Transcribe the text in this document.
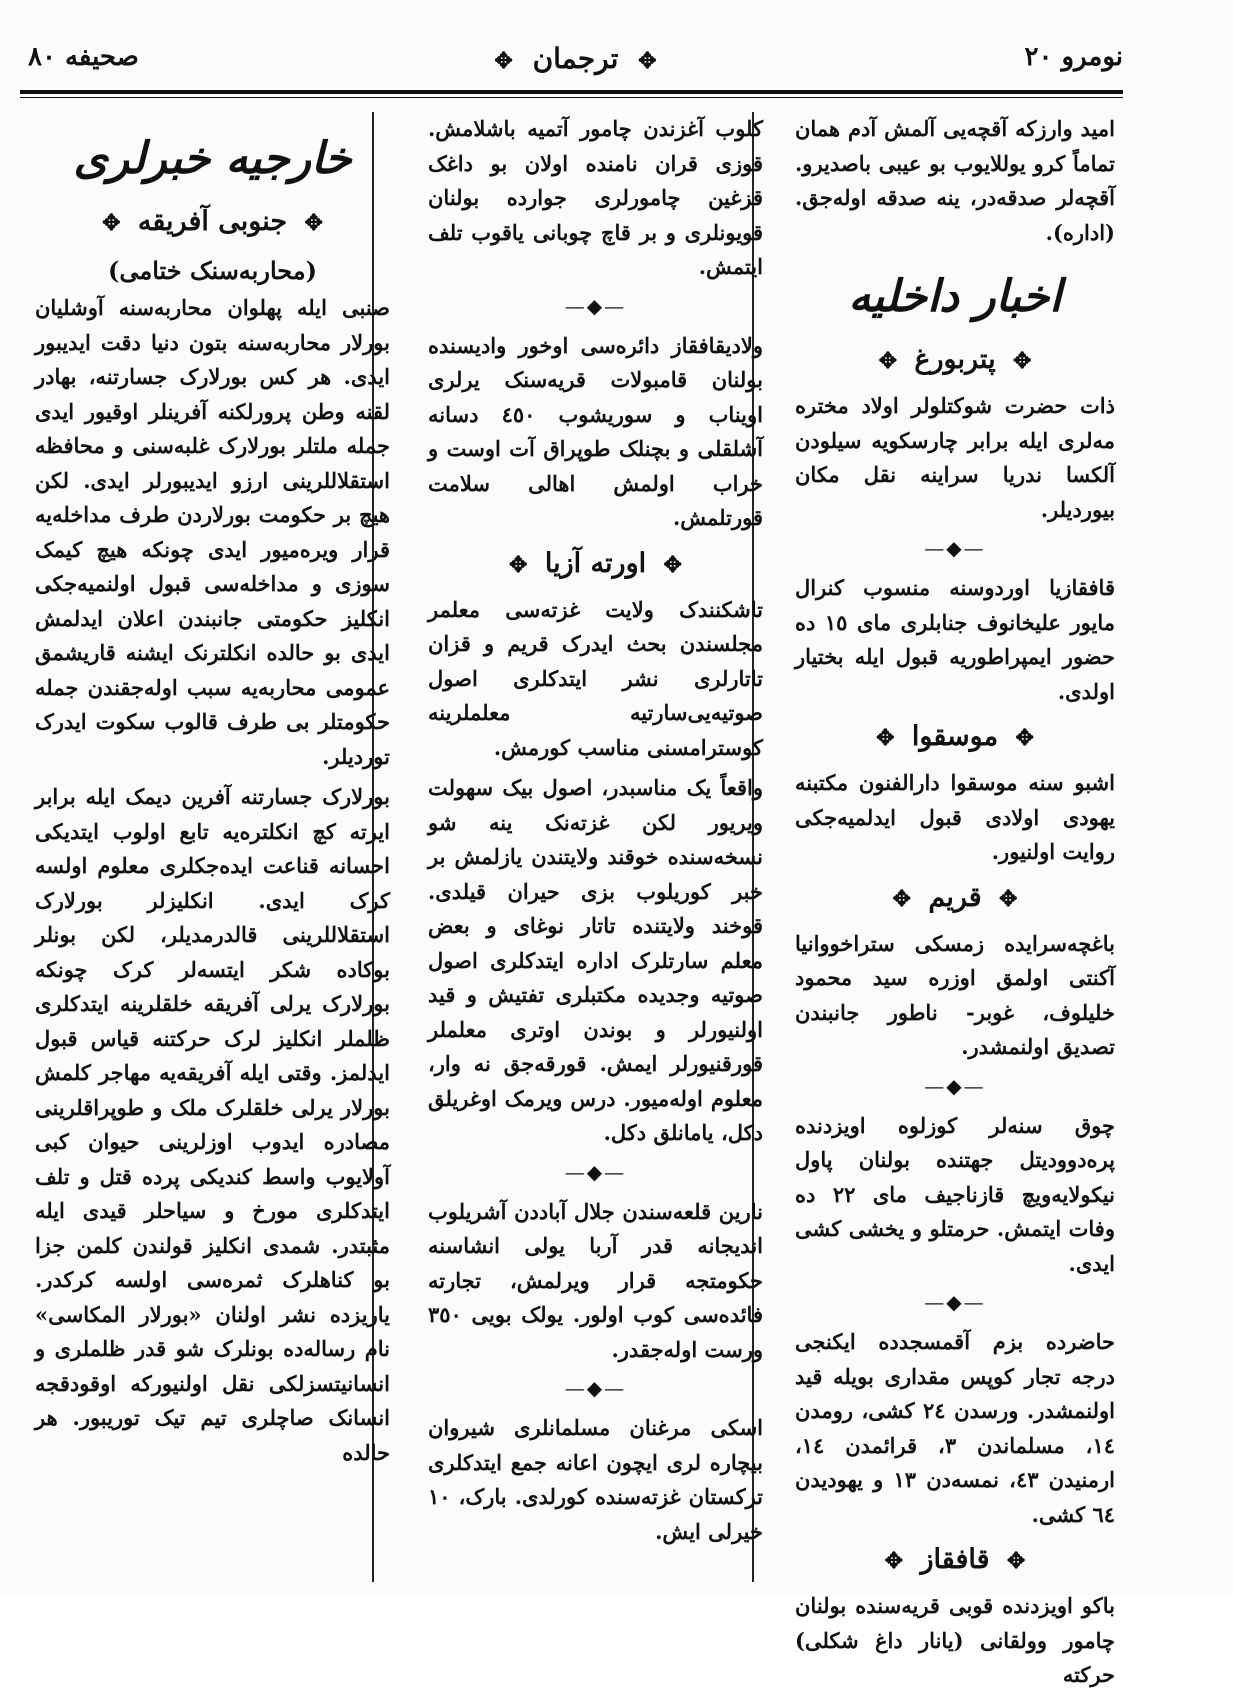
نومرو ٢٠
✥ ترجمان ✥
صحیفه ٨٠
امید وارزکه آقچه‌یی آلمش آدم همان تماماً کرو یوللایوب بو عیبی باصدیرو. آقچه‌لر صدقه‌در، ینه صدقه اوله‌جق. (اداره).
اخبار داخلیه
✥ پتربورغ ✥
ذات حضرت شوکتلولر اولاد مختره مه‌لری ایله برابر چارسکویه سیلودن آلکسا ندریا سراینه نقل مکان بیوردیلر.
—◆—
قافقازیا اوردوسنه منسوب کنرال مایور علیخانوف جنابلری مای ١٥ ده حضور ایمپراطوریه قبول ایله بختیار اولدی.
✥ موسقوا ✥
اشبو سنه موسقوا دارالفنون مکتبنه یهودی اولادی قبول ایدلمیه‌جکی روایت اولنیور.
✥ قریم ✥
باغچه‌سرایده زمسکی ستراخووانیا آکنتی اولمق اوزره سید محمود خلیلوف، غوبر- ناطور جانبندن تصدیق اولنمشدر.
—◆—
چوق سنه‌لر کوزلوه اویزدنده پره‌دوودیتل جهتنده بولنان پاول نیکولایه‌ویچ قازناجیف مای ٢٢ ده وفات ایتمش. حرمتلو و یخشی کشی ایدی.
—◆—
حاضرده بزم آقمسجدده ایکنجی درجه تجار کوپس مقداری بویله قید اولنمشدر. ورسدن ٢٤ کشی، رومدن ١٤، مسلماندن ٣، قرائمدن ١٤، ارمنیدن ٤٣، نمسه‌دن ١٣ و یهودیدن ٦٤ کشی.
✥ قافقاز ✥
باکو اویزدنده قوبی قریه‌سنده بولنان چامور وولقانی (یانار داغ شکلی) حرکته
کلوب آغزندن چامور آتمیه باشلامش. قوزی قران نامنده اولان بو داغک قزغین چامورلری جوارده بولنان قویونلری و بر قاچ چوبانی یاقوب تلف ایتمش.
—◆—
ولادیقافقاز دائره‌سی اوخور وادیسنده بولنان قامبولات قریه‌سنک یرلری اویناب و سوریشوب ٤٥٠ دسانه آشلقلی و بچنلک طوپراق آت اوست و خراب اولمش اهالی سلامت قورتلمش.
✥ اورته آزیا ✥
تاشکنندک ولایت غزته‌سی معلمر مجلسندن بحث ایدرک قریم و قزان تاتارلری نشر ایتدکلری اصول صوتیه‌یی‌سارتیه معلملرینه کوسترامسنی مناسب کورمش.
واقعاً یک مناسبدر، اصول بیک سهولت ویریور لکن غزته‌نک ینه شو نسخه‌سنده خوقند ولایتندن یازلمش بر خبر کوریلوب بزی حیران قیلدی. قوخند ولایتنده تاتار نوغای و بعض معلم سارتلرک اداره ایتدکلری اصول صوتیه وجدیده مکتبلری تفتیش و قید اولنیورلر و بوندن اوتری معلملر قورقنیورلر ایمش. قورقه‌جق نه وار، معلوم اوله‌میور. درس ویرمک اوغریلق دکل، یامانلق دکل.
—◆—
نارین قلعه‌سندن جلال آباددن آشریلوب اندیجانه قدر آربا یولی انشاسنه حکومتجه قرار ویرلمش، تجارته فائده‌سی کوب اولور. یولک بویی ٣٥٠ ورست اوله‌جقدر.
—◆—
اسکی مرغنان مسلمانلری شیروان بیچاره لری ایچون اعانه جمع ایتدکلری ترکستان غزته‌سنده کورلدی. بارک، ١٠ خیرلی ایش.
خارجیه خبرلری
✥ جنوبی آفریقه ✥
(محاربه‌سنک ختامی)
صنبی ایله پهلوان محاربه‌سنه آوشلیان بورلار محاربه‌سنه بتون دنیا دقت ایدیبور ایدی. هر کس بورلارک جسارتنه، بهادر لقنه وطن پرورلکنه آفرینلر اوقیور ایدی جمله ملتلر بورلارک غلبه‌سنی و محافظه استقلاللرینی ارزو ایدیبورلر ایدی. لکن هیچ بر حکومت بورلاردن طرف مداخله‌یه قرار ویره‌میور ایدی چونکه هیچ کیمک سوزی و مداخله‌سی قبول اولنمیه‌جکی انکلیز حکومتی جانبندن اعلان ایدلمش ایدی بو حالده انکلترنک ایشنه قاریشمق عمومی محاربه‌یه سبب اوله‌جقندن جمله حکومتلر بی طرف قالوب سکوت ایدرک توردیلر.
بورلارک جسارتنه آفرین دیمک ایله برابر ایرته کچ انکلتره‌یه تابع اولوب ایتدیکی احسانه قناعت ایده‌جکلری معلوم اولسه کرک ایدی. انکلیزلر بورلارک استقلاللرینی قالدرمدیلر، لکن بونلر بوکاده شکر ایتسه‌لر کرک چونکه بورلارک یرلی آفریقه خلقلرینه ایتدکلری ظلملر انکلیز لرک حرکتنه قیاس قبول ایدلمز. وقتی ایله آفریقه‌یه مهاجر کلمش بورلار یرلی خلقلرک ملک و طوپراقلرینی مصادره ایدوب اوزلرینی حیوان کبی آولایوب واسط کندیکی پرده قتل و تلف ایتدکلری مورخ و سیاحلر قیدی ایله مثبتدر. شمدی انکلیز قولندن کلمن جزا بو کناهلرک ثمره‌سی اولسه کرکدر. یاریزده نشر اولنان «بورلار المکاسی» نام رساله‌ده بونلرک شو قدر ظلملری و انسانیتسزلکی نقل اولنیورکه اوقودقجه انسانک صاچلری تیم تیک توریبور. هر حالده
